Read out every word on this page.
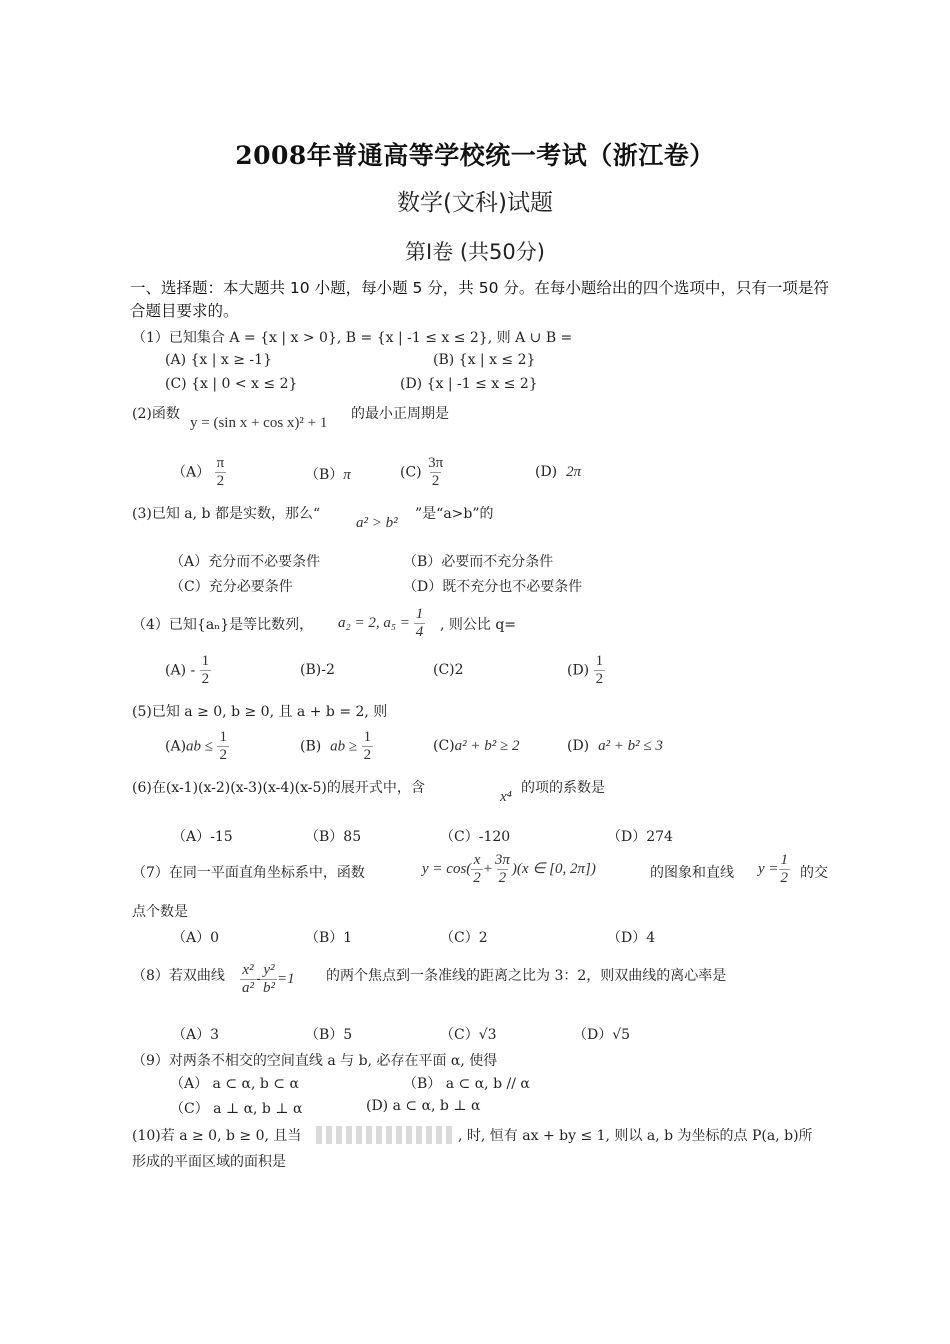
2008年普通高等学校统一考试（浙江卷）
数学(文科)试题
第Ⅰ卷 (共50分)
一、选择题：本大题共 10 小题，每小题 5 分，共 50 分。在每小题给出的四个选项中，只有一项是符合题目要求的。
（1）已知集合 A = {x | x > 0}, B = {x | -1 ≤ x ≤ 2}, 则 A ∪ B =
(A) {x | x ≥ -1}	(B) {x | x ≤ 2}
(C) {x | 0 < x ≤ 2}	(D) {x | -1 ≤ x ≤ 2}
(2)函数
y = (sin x + cos x)² + 1
的最小正周期是
$(A) \frac{\pi}{2}$	（B）π	$(C) \frac{3\pi}{2}$	(D) 2π
(3)已知 a, b 都是实数，那么“
a² > b²
”是“a>b”的
（A）充分而不必要条件	（B）必要而不充分条件
（C）充分必要条件	（D）既不充分也不必要条件
（4）已知{aₙ}是等比数列， a₂ = 2, $a_5 = \frac{1}{4}$ , 则公比 q=
$(A) - \frac{1}{2}$	(B)-2	(C)2	$(D) \frac{1}{2}$
(5)已知 a ≥ 0, b ≥ 0, 且 a + b = 2, 则
$(A)ab \le \frac{1}{2}$	(B) ab ≥ $\frac{1}{2}$	(C)a² + b² ≥ 2	(D) a² + b² ≤ 3
(6)在(x-1)(x-2)(x-3)(x-4)(x-5)的展开式中，含
x⁴
的项的系数是
（A）-15	（B）85	（C）-120	（D）274
（7）在同一平面直角坐标系中，函数	$y = \cos( \frac{x}{2} + \frac{3\pi}{2} )(x$ ∈ [0, 2π])	的图象和直线 $y = \frac{1}{2}$ 的交
点个数是
（A）0	（B）1	（C）2	（D）4
（8）若双曲线 $\frac{\text{x²}}{\text{a²}} - \frac{\text{y²}}{\text{b²}} =1$ 的两个焦点到一条准线的距离之比为 3：2，则双曲线的离心率是
（A）3	（B）5	（C）√3	（D）√5
（9）对两条不相交的空间直线 a 与 b, 必存在平面 α, 使得
（A） a ⊂ α, b ⊂ α	（B） a ⊂ α, b // α
（C） a ⊥ α, b ⊥ α	(D) a ⊂ α, b ⊥ α
(10)若 a ≥ 0, b ≥ 0, 且当	, 时, 恒有 ax + by ≤ 1, 则以 a, b 为坐标的点 P(a, b)所
形成的平面区域的面积是
